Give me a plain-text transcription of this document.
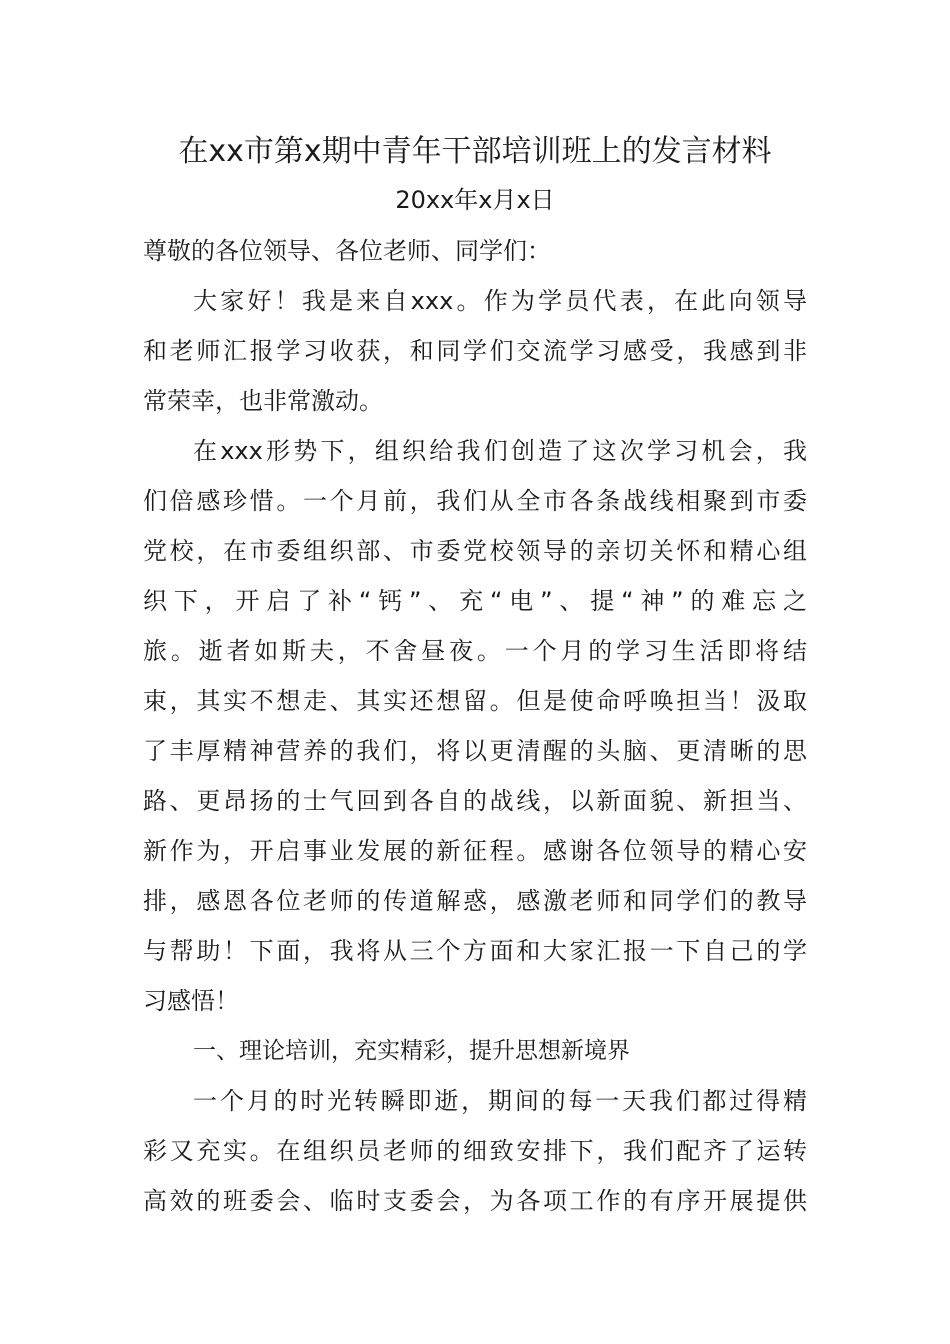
在xx市第x期中青年干部培训班上的发言材料
20xx年x月x日
尊敬的各位领导、各位老师、同学们：
大家好！我是来自xxx。作为学员代表，在此向领导
和老师汇报学习收获，和同学们交流学习感受，我感到非
常荣幸，也非常激动。
在xxx形势下，组织给我们创造了这次学习机会，我
们倍感珍惜。一个月前，我们从全市各条战线相聚到市委
党校，在市委组织部、市委党校领导的亲切关怀和精心组
织下，开启了补“钙”、充“电”、提“神”的难忘之
旅。逝者如斯夫，不舍昼夜。一个月的学习生活即将结
束，其实不想走、其实还想留。但是使命呼唤担当！汲取
了丰厚精神营养的我们，将以更清醒的头脑、更清晰的思
路、更昂扬的士气回到各自的战线，以新面貌、新担当、
新作为，开启事业发展的新征程。感谢各位领导的精心安
排，感恩各位老师的传道解惑，感激老师和同学们的教导
与帮助！下面，我将从三个方面和大家汇报一下自己的学
习感悟！
一、理论培训，充实精彩，提升思想新境界
一个月的时光转瞬即逝，期间的每一天我们都过得精
彩又充实。在组织员老师的细致安排下，我们配齐了运转
高效的班委会、临时支委会，为各项工作的有序开展提供
